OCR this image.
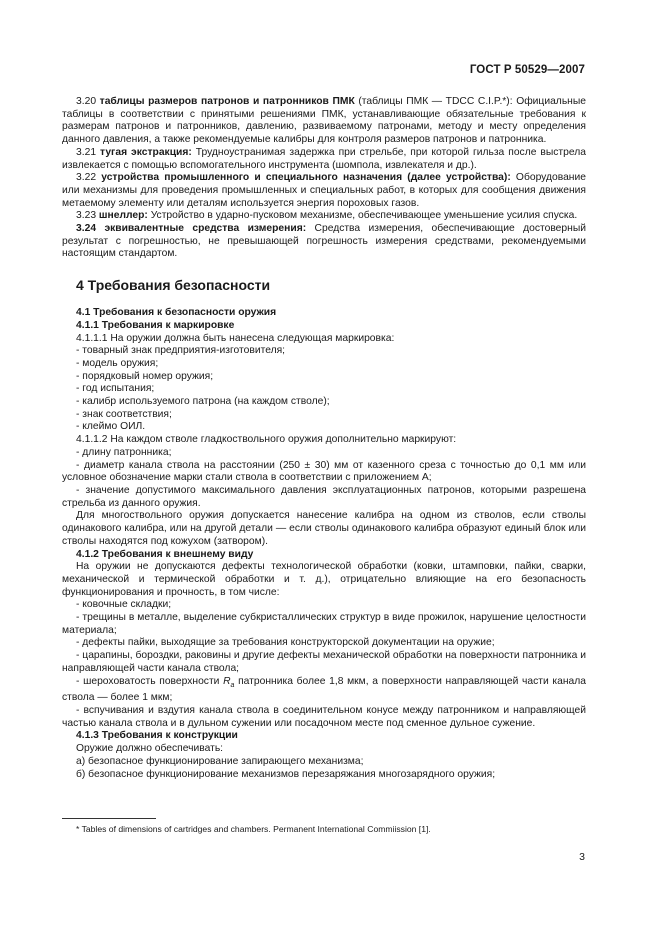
ГОСТ Р 50529—2007

3.20 таблицы размеров патронов и патронников ПМК (таблицы ПМК — TDCC C.I.P.*): Официальные таблицы в соответствии с принятыми решениями ПМК, устанавливающие обязательные требования к размерам патронов и патронников, давлению, развиваемому патронами, методу и месту определения данного давления, а также рекомендуемые калибры для контроля размеров патронов и патронника.

3.21 тугая экстракция: Трудноустранимая задержка при стрельбе, при которой гильза после выстрела извлекается с помощью вспомогательного инструмента (шомпола, извлекателя и др.).

3.22 устройства промышленного и специального назначения (далее устройства): Оборудование или механизмы для проведения промышленных и специальных работ, в которых для сообщения движения метаемому элементу или деталям используется энергия пороховых газов.

3.23 шнеллер: Устройство в ударно-пусковом механизме, обеспечивающее уменьшение усилия спуска.

3.24 эквивалентные средства измерения: Средства измерения, обеспечивающие достоверный результат с погрешностью, не превышающей погрешность измерения средствами, рекомендуемыми настоящим стандартом.

4 Требования безопасности

4.1 Требования к безопасности оружия

4.1.1 Требования к маркировке

4.1.1.1 На оружии должна быть нанесена следующая маркировка:

- товарный знак предприятия-изготовителя;

- модель оружия;

- порядковый номер оружия;

- год испытания;

- калибр используемого патрона (на каждом стволе);

- знак соответствия;

- клеймо ОИЛ.

4.1.1.2 На каждом стволе гладкоствольного оружия дополнительно маркируют:

- длину патронника;

- диаметр канала ствола на расстоянии (250 ± 30) мм от казенного среза с точностью до 0,1 мм или условное обозначение марки стали ствола в соответствии с приложением А;

- значение допустимого максимального давления эксплуатационных патронов, которыми разрешена стрельба из данного оружия.

Для многоствольного оружия допускается нанесение калибра на одном из стволов, если стволы одинакового калибра, или на другой детали — если стволы одинакового калибра образуют единый блок или стволы находятся под кожухом (затвором).

4.1.2 Требования к внешнему виду

На оружии не допускаются дефекты технологической обработки (ковки, штамповки, пайки, сварки, механической и термической обработки и т. д.), отрицательно влияющие на его безопасность функционирования и прочность, в том числе:

- ковочные складки;

- трещины в металле, выделение субкристаллических структур в виде прожилок, нарушение целостности материала;

- дефекты пайки, выходящие за требования конструкторской документации на оружие;

- царапины, бороздки, раковины и другие дефекты механической обработки на поверхности патронника и направляющей части канала ствола;

- шероховатость поверхности $R_a$ патронника более 1,8 мкм, а поверхности направляющей части канала ствола — более 1 мкм;

- вспучивания и вздутия канала ствола в соединительном конусе между патронником и направляющей частью канала ствола и в дульном сужении или посадочном месте под сменное дульное сужение.

4.1.3 Требования к конструкции

Оружие должно обеспечивать:

а) безопасное функционирование запирающего механизма;

б) безопасное функционирование механизмов перезаряжания многозарядного оружия;

* Tables of dimensions of cartridges and chambers. Permanent International Commiission [1].
3
